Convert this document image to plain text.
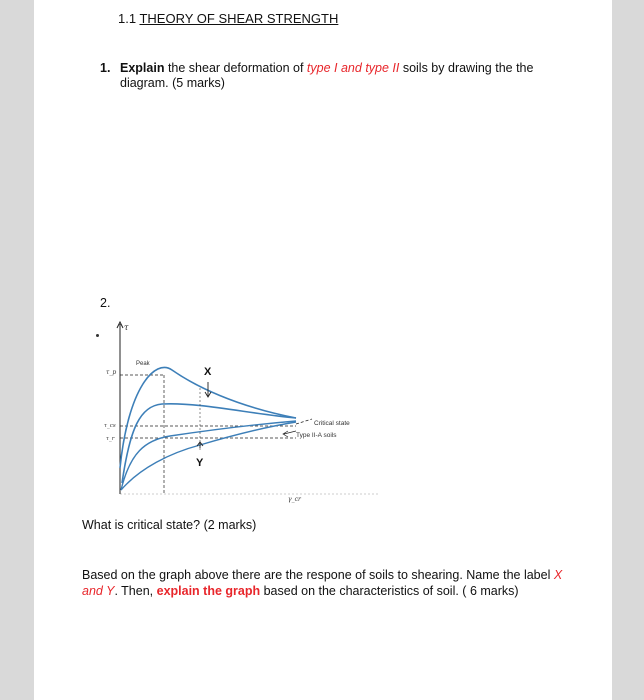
1.1 THEORY OF SHEAR STRENGTH
1. Explain the shear deformation of type I and type II soils by drawing the the diagram. (5 marks)
2.
τ
τ_p
τ_cs
τ_r
Peak
X
Y
Critical state
Type II-A soils
γ_cr
What is critical state? (2 marks)
Based on the graph above there are the respone of soils to shearing. Name the label X and Y. Then, explain the graph based on the characteristics of soil. ( 6 marks)
